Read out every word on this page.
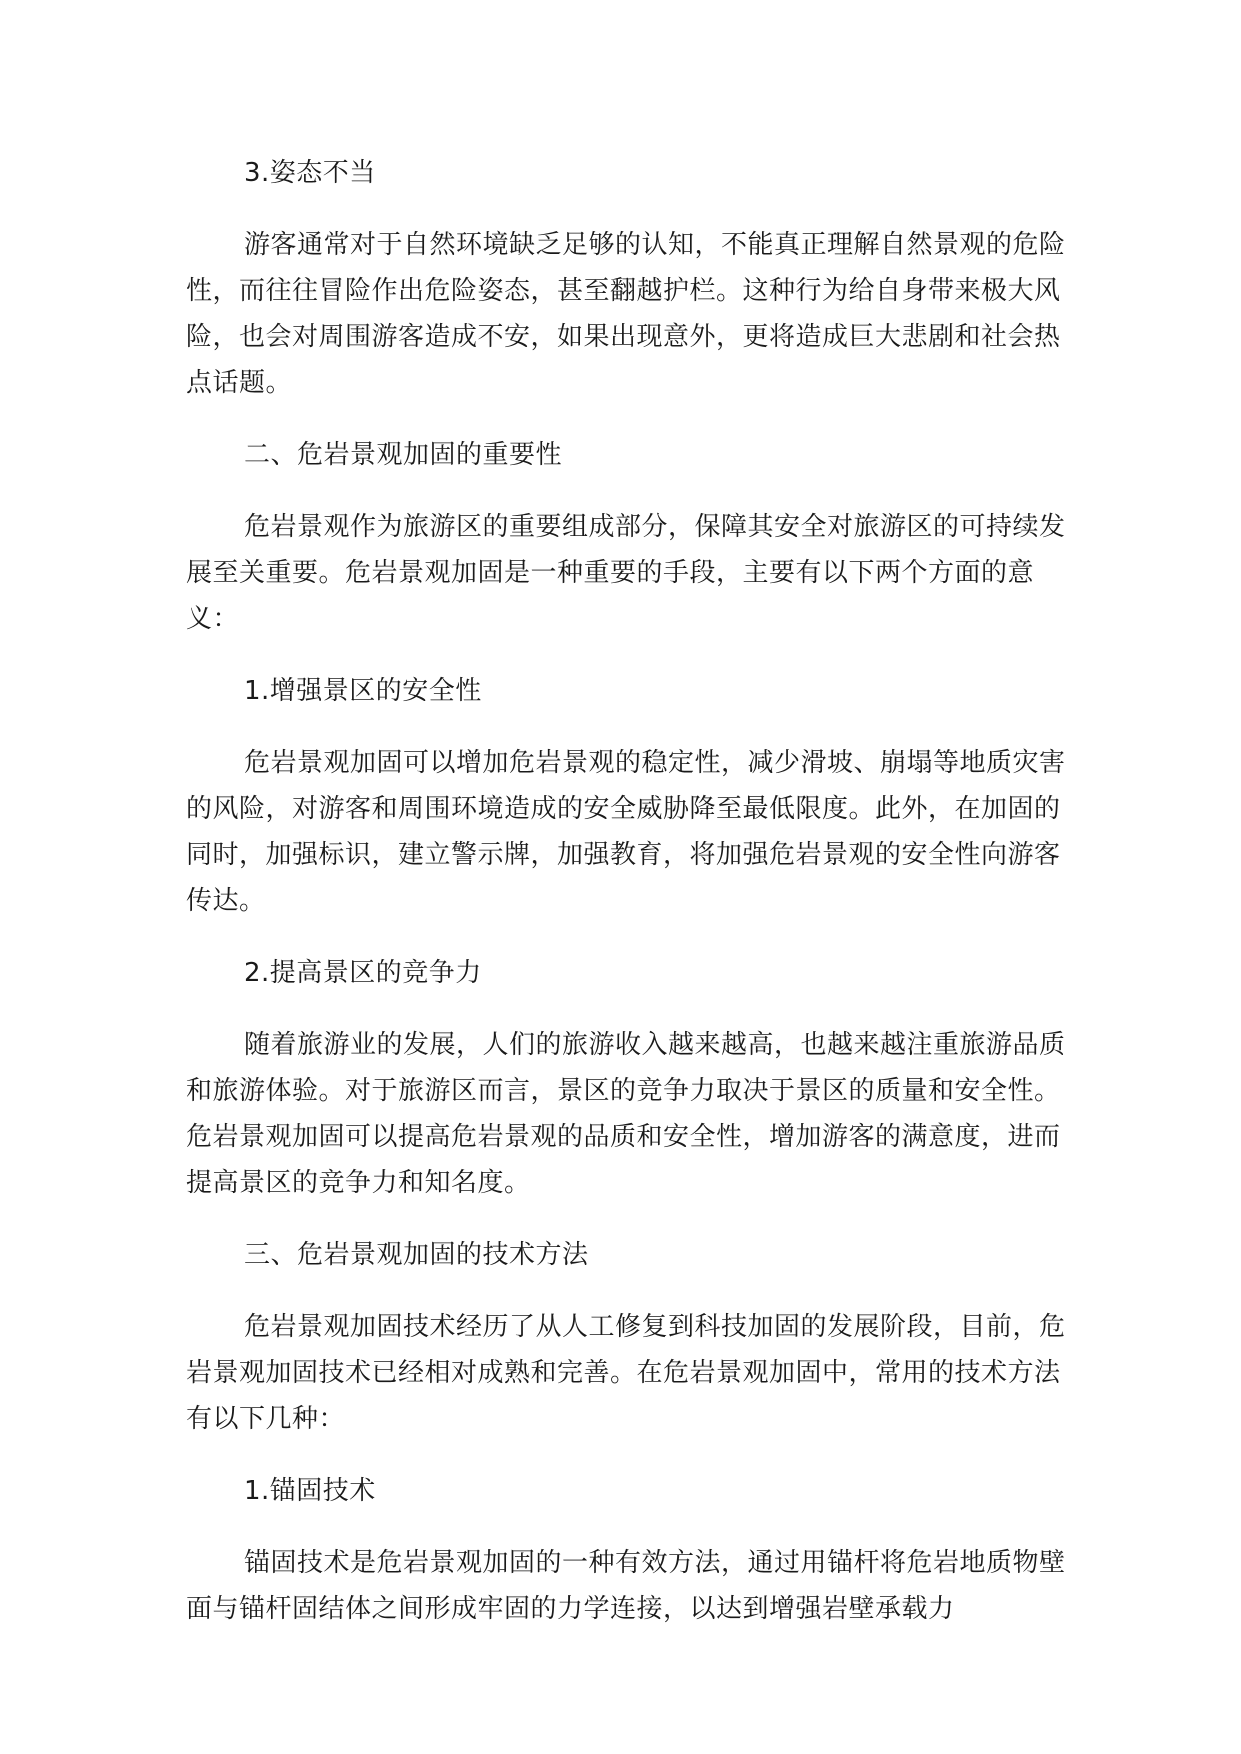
3.姿态不当

游客通常对于自然环境缺乏足够的认知，不能真正理解自然景观的危险性，而往往冒险作出危险姿态，甚至翻越护栏。这种行为给自身带来极大风险，也会对周围游客造成不安，如果出现意外，更将造成巨大悲剧和社会热点话题。

二、危岩景观加固的重要性

危岩景观作为旅游区的重要组成部分，保障其安全对旅游区的可持续发展至关重要。危岩景观加固是一种重要的手段，主要有以下两个方面的意义：

1.增强景区的安全性

危岩景观加固可以增加危岩景观的稳定性，减少滑坡、崩塌等地质灾害的风险，对游客和周围环境造成的安全威胁降至最低限度。此外，在加固的同时，加强标识，建立警示牌，加强教育，将加强危岩景观的安全性向游客传达。

2.提高景区的竞争力

随着旅游业的发展，人们的旅游收入越来越高，也越来越注重旅游品质和旅游体验。对于旅游区而言，景区的竞争力取决于景区的质量和安全性。危岩景观加固可以提高危岩景观的品质和安全性，增加游客的满意度，进而提高景区的竞争力和知名度。

三、危岩景观加固的技术方法

危岩景观加固技术经历了从人工修复到科技加固的发展阶段，目前，危岩景观加固技术已经相对成熟和完善。在危岩景观加固中，常用的技术方法有以下几种：

1.锚固技术

锚固技术是危岩景观加固的一种有效方法，通过用锚杆将危岩地质物壁面与锚杆固结体之间形成牢固的力学连接，以达到增强岩壁承载力
